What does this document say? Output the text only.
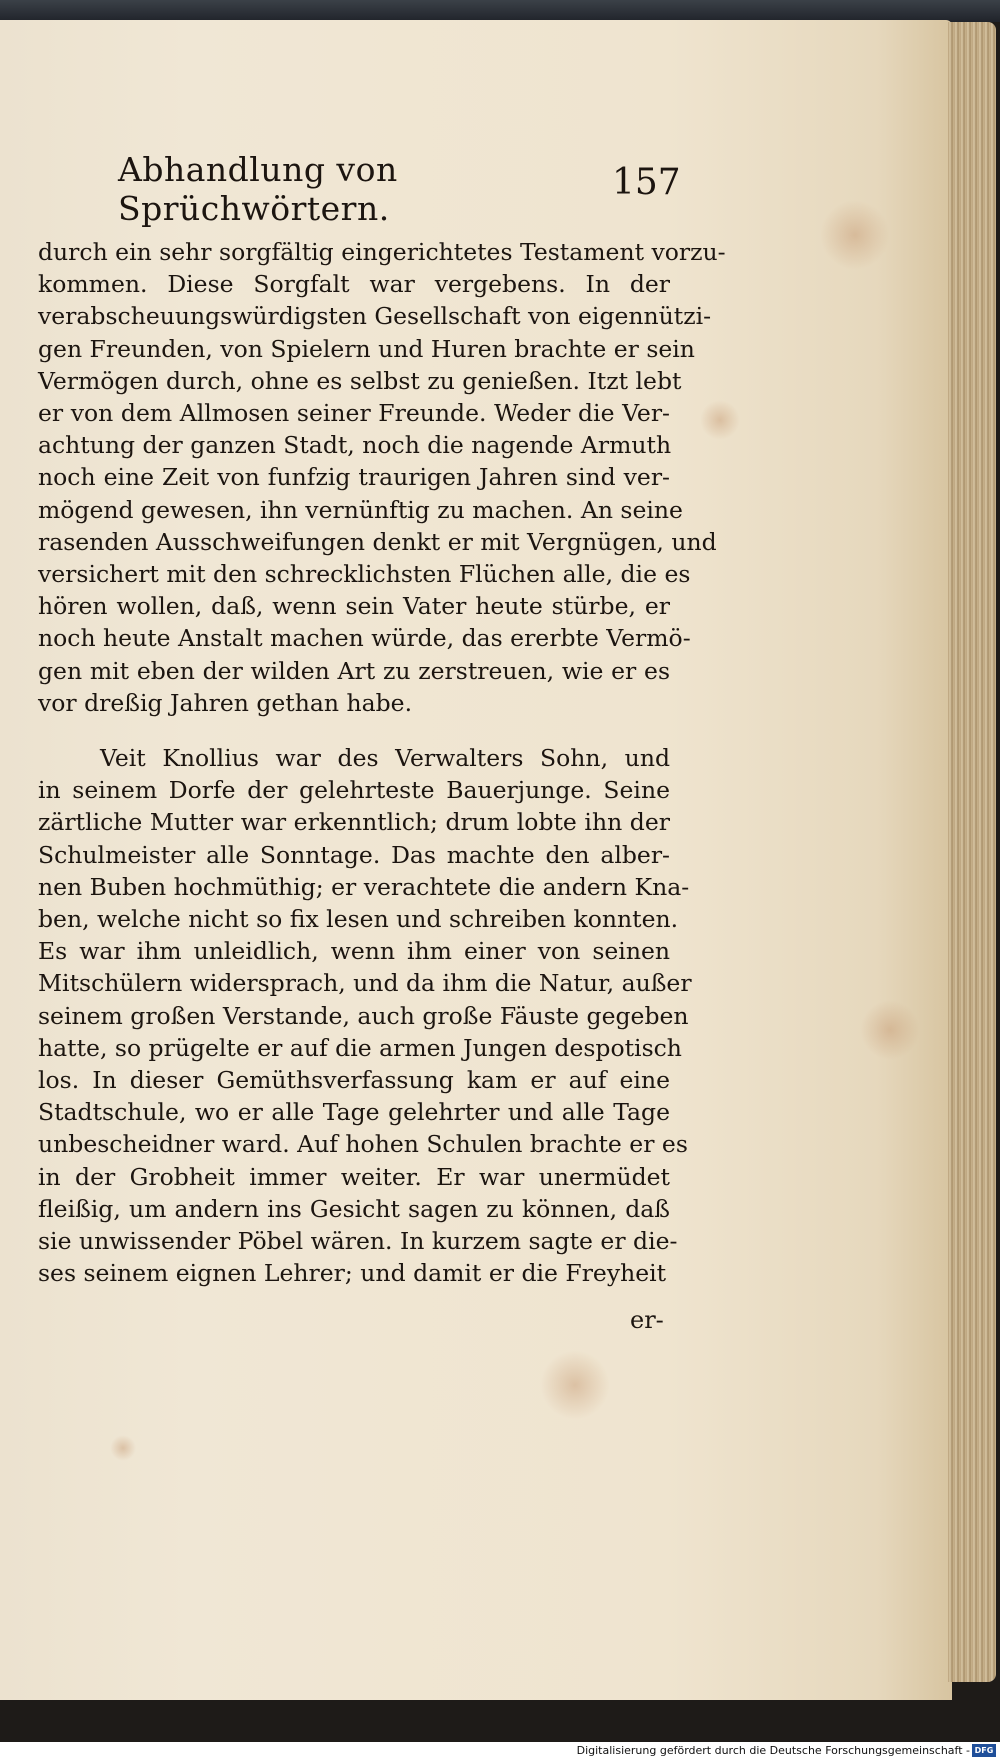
Abhandlung von Sprüchwörtern.
157
durch ein sehr sorgfältig eingerichtetes Testament vorzu-
kommen. Diese Sorgfalt war vergebens. In der
verabscheuungswürdigsten Gesellschaft von eigennützi-
gen Freunden, von Spielern und Huren brachte er sein
Vermögen durch, ohne es selbst zu genießen. Itzt lebt
er von dem Allmosen seiner Freunde. Weder die Ver-
achtung der ganzen Stadt, noch die nagende Armuth
noch eine Zeit von funfzig traurigen Jahren sind ver-
mögend gewesen, ihn vernünftig zu machen. An seine
rasenden Ausschweifungen denkt er mit Vergnügen, und
versichert mit den schrecklichsten Flüchen alle, die es
hören wollen, daß, wenn sein Vater heute stürbe, er
noch heute Anstalt machen würde, das ererbte Vermö-
gen mit eben der wilden Art zu zerstreuen, wie er es
vor dreßig Jahren gethan habe.
Veit Knollius war des Verwalters Sohn, und
in seinem Dorfe der gelehrteste Bauerjunge. Seine
zärtliche Mutter war erkenntlich; drum lobte ihn der
Schulmeister alle Sonntage. Das machte den alber-
nen Buben hochmüthig; er verachtete die andern Kna-
ben, welche nicht so fix lesen und schreiben konnten.
Es war ihm unleidlich, wenn ihm einer von seinen
Mitschülern widersprach, und da ihm die Natur, außer
seinem großen Verstande, auch große Fäuste gegeben
hatte, so prügelte er auf die armen Jungen despotisch
los. In dieser Gemüthsverfassung kam er auf eine
Stadtschule, wo er alle Tage gelehrter und alle Tage
unbescheidner ward. Auf hohen Schulen brachte er es
in der Grobheit immer weiter. Er war unermüdet
fleißig, um andern ins Gesicht sagen zu können, daß
sie unwissender Pöbel wären. In kurzem sagte er die-
ses seinem eignen Lehrer; und damit er die Freyheit
er-
Digitalisierung gefördert durch die Deutsche Forschungsgemeinschaft - DFG
